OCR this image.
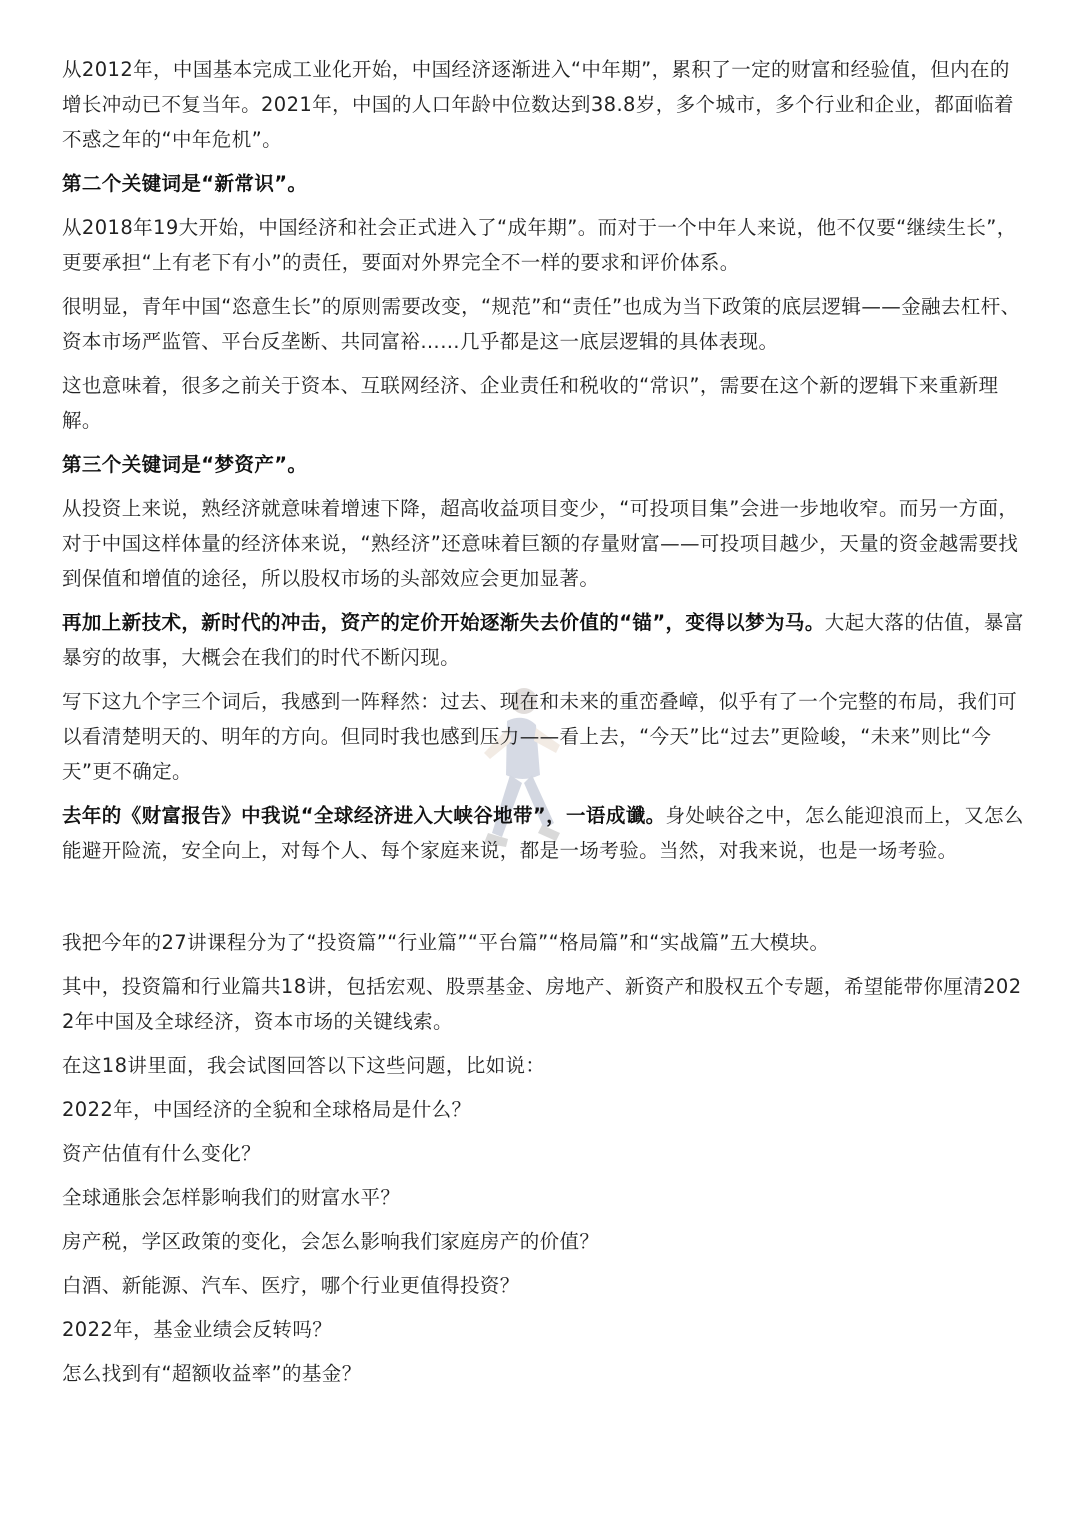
从2012年，中国基本完成工业化开始，中国经济逐渐进入“中年期”，累积了一定的财富和经验值，但内在的增长冲动已不复当年。2021年，中国的人口年龄中位数达到38.8岁，多个城市，多个行业和企业，都面临着不惑之年的“中年危机”。

第二个关键词是“新常识”。

从2018年19大开始，中国经济和社会正式进入了“成年期”。而对于一个中年人来说，他不仅要“继续生长”，更要承担“上有老下有小”的责任，要面对外界完全不一样的要求和评价体系。

很明显，青年中国“恣意生长”的原则需要改变，“规范”和“责任”也成为当下政策的底层逻辑——金融去杠杆、资本市场严监管、平台反垄断、共同富裕……几乎都是这一底层逻辑的具体表现。

这也意味着，很多之前关于资本、互联网经济、企业责任和税收的“常识”，需要在这个新的逻辑下来重新理解。

第三个关键词是“梦资产”。

从投资上来说，熟经济就意味着增速下降，超高收益项目变少，“可投项目集”会进一步地收窄。而另一方面，对于中国这样体量的经济体来说，“熟经济”还意味着巨额的存量财富——可投项目越少，天量的资金越需要找到保值和增值的途径，所以股权市场的头部效应会更加显著。

再加上新技术，新时代的冲击，资产的定价开始逐渐失去价值的“锚”，变得以梦为马。大起大落的估值，暴富暴穷的故事，大概会在我们的时代不断闪现。

写下这九个字三个词后，我感到一阵释然：过去、现在和未来的重峦叠嶂，似乎有了一个完整的布局，我们可以看清楚明天的、明年的方向。但同时我也感到压力——看上去，“今天”比“过去”更险峻，“未来”则比“今天”更不确定。

去年的《财富报告》中我说“全球经济进入大峡谷地带”，一语成谶。身处峡谷之中，怎么能迎浪而上，又怎么能避开险流，安全向上，对每个人、每个家庭来说，都是一场考验。当然，对我来说，也是一场考验。

我把今年的27讲课程分为了“投资篇”“行业篇”“平台篇”“格局篇”和“实战篇”五大模块。

其中，投资篇和行业篇共18讲，包括宏观、股票基金、房地产、新资产和股权五个专题，希望能带你厘清2022年中国及全球经济，资本市场的关键线索。

在这18讲里面，我会试图回答以下这些问题，比如说：

2022年，中国经济的全貌和全球格局是什么？

资产估值有什么变化？

全球通胀会怎样影响我们的财富水平？

房产税，学区政策的变化，会怎么影响我们家庭房产的价值？

白酒、新能源、汽车、医疗，哪个行业更值得投资？

2022年，基金业绩会反转吗？

怎么找到有“超额收益率”的基金？
